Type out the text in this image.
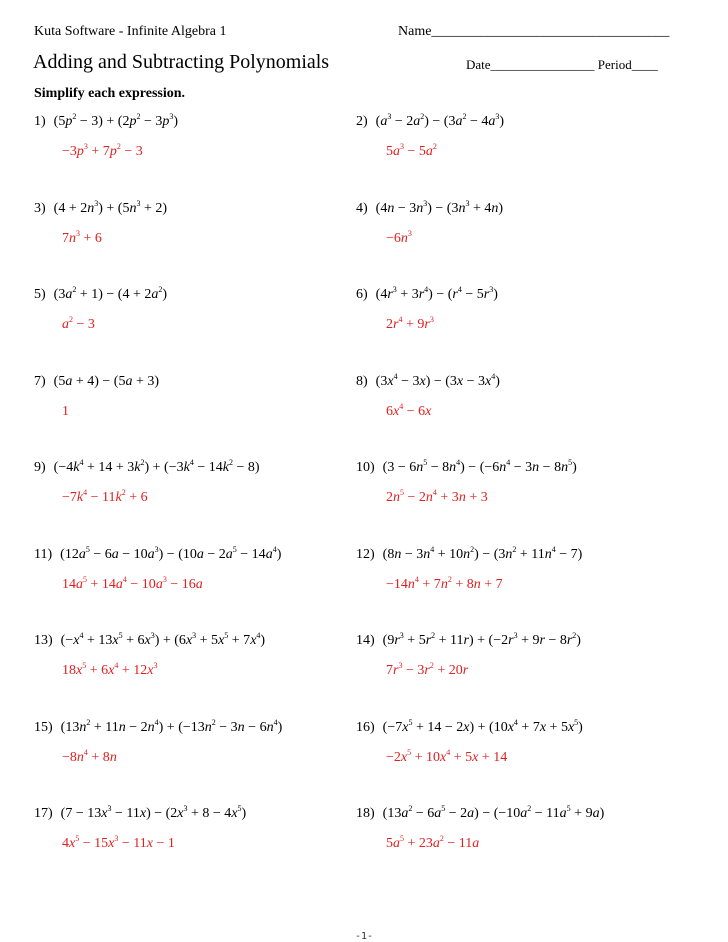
Kuta Software - Infinite Algebra 1	Name__________________________________
Adding and Subtracting Polynomials	Date________________ Period____
Simplify each expression.
1) $(5p^2 - 3) + (2p^2 - 3p^3)$
$-3p^3 + 7p^2 - 3$
2) $(a^3 - 2a^2) - (3a^2 - 4a^3)$
$5a^3 - 5a^2$
3) $(4 + 2n^3) + (5n^3 + 2)$
$7n^3 + 6$
4) $(4n - 3n^3) - (3n^3 + 4n)$
$-6n^3$
5) $(3a^2 + 1) - (4 + 2a^2)$
$a^2 - 3$
6) $(4r^3 + 3r^4) - (r^4 - 5r^3)$
$2r^4 + 9r^3$
7) (5a + 4) − (5a + 3)
1
8) $(3x^4 - 3x) - (3x - 3x^4)$
$6x^4 - 6x$
9) $(-4k^4 + 14 + 3k^2) + (-3k^4 - 14k^2 - 8)$
$-7k^4 - 11k^2 + 6$
10) $(3 - 6n^5 - 8n^4) - (-6n^4 - 3n - 8n^5)$
$2n^5 - 2n^4 + 3n + 3$
11) $(12a^5 - 6a - 10a^3) - (10a - 2a^5 - 14a^4)$
$14a^5 + 14a^4 - 10a^3 - 16a$
12) $(8n - 3n^4 + 10n^2) - (3n^2 + 11n^4 - 7)$
$-14n^4 + 7n^2 + 8n + 7$
13) $(-x^4 + 13x^5 + 6x^3) + (6x^3 + 5x^5 + 7x^4)$
$18x^5 + 6x^4 + 12x^3$
14) $(9r^3 + 5r^2 + 11r) + (-2r^3 + 9r - 8r^2)$
$7r^3 - 3r^2 + 20r$
15) $(13n^2 + 11n - 2n^4) + (-13n^2 - 3n - 6n^4)$
$-8n^4 + 8n$
16) $(-7x^5 + 14 - 2x) + (10x^4 + 7x + 5x^5)$
$-2x^5 + 10x^4 + 5x + 14$
17) $(7 - 13x^3 - 11x) - (2x^3 + 8 - 4x^5)$
$4x^5 - 15x^3 - 11x - 1$
18) $(13a^2 - 6a^5 - 2a) - (-10a^2 - 11a^5 + 9a)$
$5a^5 + 23a^2 - 11a$
-1-
